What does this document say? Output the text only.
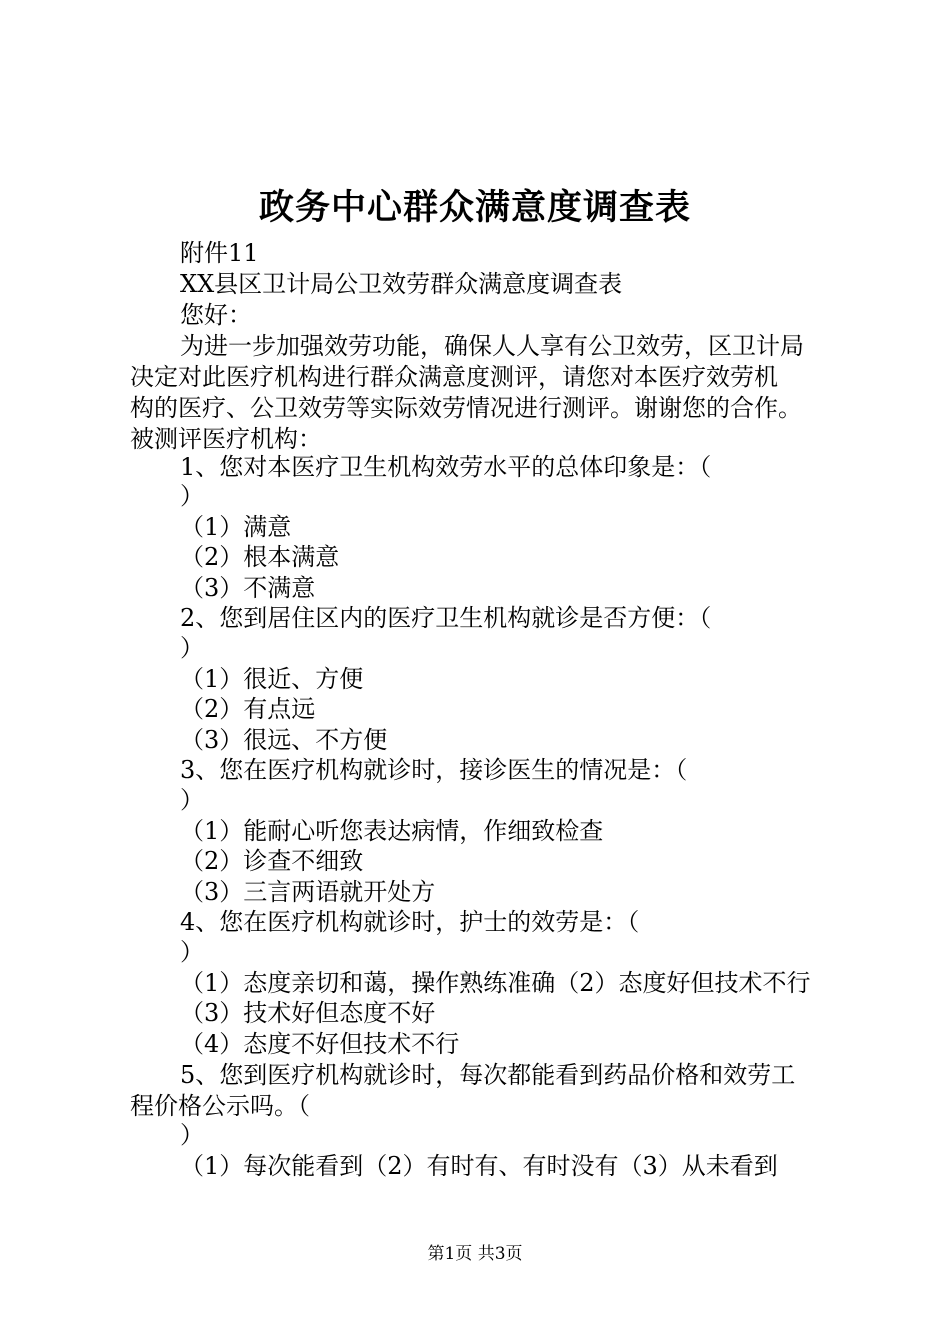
政务中心群众满意度调查表

附件11

XX县区卫计局公卫效劳群众满意度调查表

您好：

为进一步加强效劳功能，确保人人享有公卫效劳，区卫计局

决定对此医疗机构进行群众满意度测评，请您对本医疗效劳机

构的医疗、公卫效劳等实际效劳情况进行测评。谢谢您的合作。

被测评医疗机构：

1、您对本医疗卫生机构效劳水平的总体印象是：（

）

（1）满意

（2）根本满意

（3）不满意

2、您到居住区内的医疗卫生机构就诊是否方便：（

）

（1）很近、方便

（2）有点远

（3）很远、不方便

3、您在医疗机构就诊时，接诊医生的情况是：（

）

（1）能耐心听您表达病情，作细致检查

（2）诊查不细致

（3）三言两语就开处方

4、您在医疗机构就诊时，护士的效劳是：（

）

（1）态度亲切和蔼，操作熟练准确（2）态度好但技术不行

（3）技术好但态度不好

（4）态度不好但技术不行

5、您到医疗机构就诊时，每次都能看到药品价格和效劳工

程价格公示吗。（

）

（1）每次能看到（2）有时有、有时没有（3）从未看到

第1页 共3页
